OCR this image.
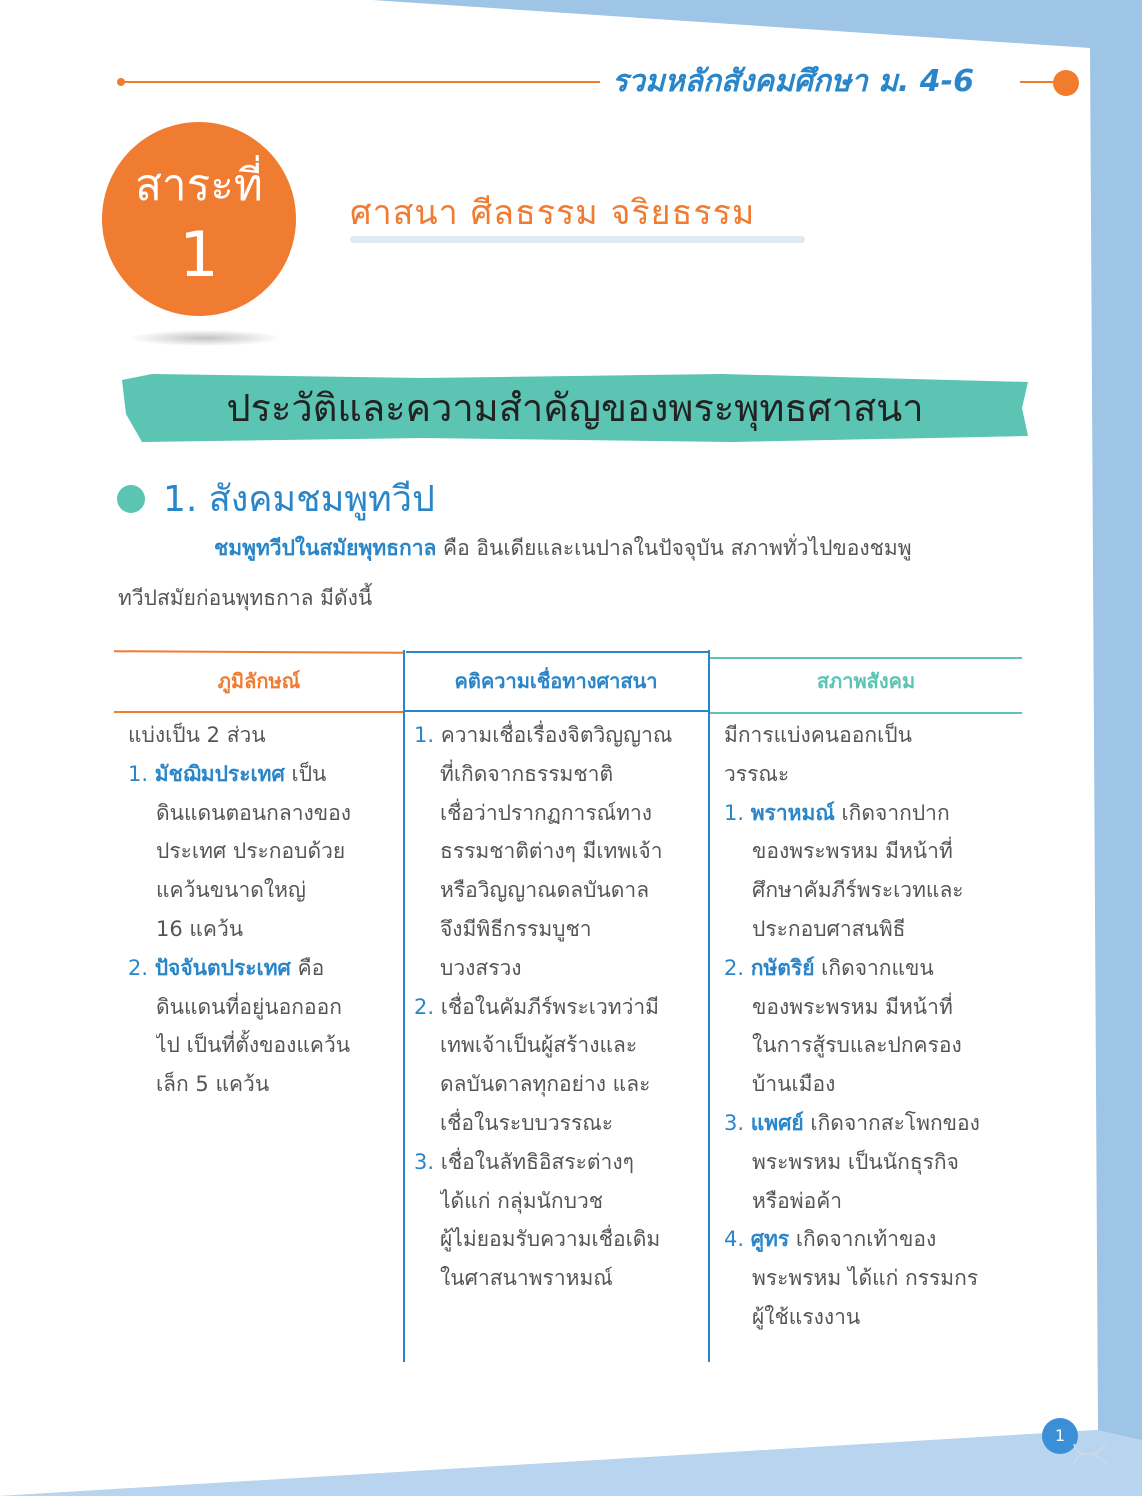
รวมหลักสังคมศึกษา ม. 4-6
สาระที่
1
ศาสนา ศีลธรรม จริยธรรม
ประวัติและความสำคัญของพระพุทธศาสนา
1. สังคมชมพูทวีป
ชมพูทวีปในสมัยพุทธกาล คือ อินเดียและเนปาลในปัจจุบัน สภาพทั่วไปของชมพู
ทวีปสมัยก่อนพุทธกาล มีดังนี้
ภูมิลักษณ์	คติความเชื่อทางศาสนา	สภาพสังคม
แบ่งเป็น 2 ส่วน
1. มัชฌิมประเทศ เป็น
ดินแดนตอนกลางของ
ประเทศ ประกอบด้วย
แคว้นขนาดใหญ่
16 แคว้น
2. ปัจจันตประเทศ คือ
ดินแดนที่อยู่นอกออก
ไป เป็นที่ตั้งของแคว้น
เล็ก 5 แคว้น
1. ความเชื่อเรื่องจิตวิญญาณ
ที่เกิดจากธรรมชาติ
เชื่อว่าปรากฏการณ์ทาง
ธรรมชาติต่างๆ มีเทพเจ้า
หรือวิญญาณดลบันดาล
จึงมีพิธีกรรมบูชา
บวงสรวง
2. เชื่อในคัมภีร์พระเวทว่ามี
เทพเจ้าเป็นผู้สร้างและ
ดลบันดาลทุกอย่าง และ
เชื่อในระบบวรรณะ
3. เชื่อในลัทธิอิสระต่างๆ
ได้แก่ กลุ่มนักบวช
ผู้ไม่ยอมรับความเชื่อเดิม
ในศาสนาพราหมณ์
มีการแบ่งคนออกเป็น
วรรณะ
1. พราหมณ์ เกิดจากปาก
ของพระพรหม มีหน้าที่
ศึกษาคัมภีร์พระเวทและ
ประกอบศาสนพิธี
2. กษัตริย์ เกิดจากแขน
ของพระพรหม มีหน้าที่
ในการสู้รบและปกครอง
บ้านเมือง
3. แพศย์ เกิดจากสะโพกของ
พระพรหม เป็นนักธุรกิจ
หรือพ่อค้า
4. ศูทร เกิดจากเท้าของ
พระพรหม ได้แก่ กรรมกร
ผู้ใช้แรงงาน
1
